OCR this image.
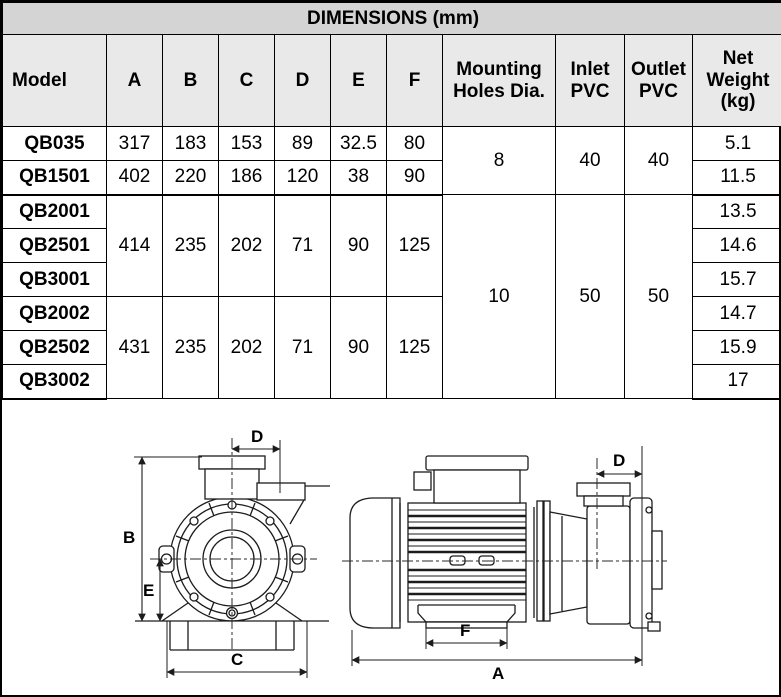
DIMENSIONS (mm)										
Model	A	B	C	D	E	F	Mounting Holes Dia.	Inlet PVC	Outlet PVC	Net Weight (kg)
QB035	317	183	153	89	32.5	80	8	40	40	5.1
QB1501	402	220	186	120	38	90				11.5
QB2001	414	235	202	71	90	125	10	50	50	13.5
QB2501										14.6
QB3001										15.7
QB2002	431	235	202	71	90	125				14.7
QB2502										15.9
QB3002										17
D
B
E
C
D
F
A
